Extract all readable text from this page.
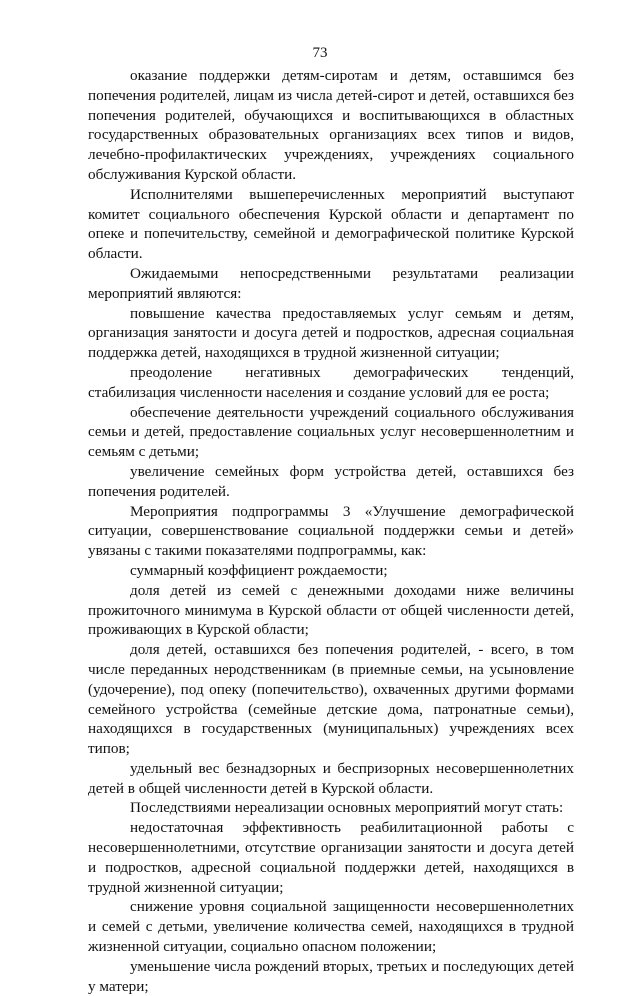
73

оказание поддержки детям-сиротам и детям, оставшимся без попечения родителей, лицам из числа детей-сирот и детей, оставшихся без попечения родителей, обучающихся и воспитывающихся в областных государственных образовательных организациях всех типов и видов, лечебно-профилактических учреждениях, учреждениях социального обслуживания Курской области.

Исполнителями вышеперечисленных мероприятий выступают комитет социального обеспечения Курской области и департамент по опеке и попечительству, семейной и демографической политике Курской области.

Ожидаемыми непосредственными результатами реализации мероприятий являются:

повышение качества предоставляемых услуг семьям и детям, организация занятости и досуга детей и подростков, адресная социальная поддержка детей, находящихся в трудной жизненной ситуации;

преодоление негативных демографических тенденций, стабилизация численности населения и создание условий для ее роста;

обеспечение деятельности учреждений социального обслуживания семьи и детей, предоставление социальных услуг несовершеннолетним и семьям с детьми;

увеличение семейных форм устройства детей, оставшихся без попечения родителей.

Мероприятия подпрограммы 3 «Улучшение демографической ситуации, совершенствование социальной поддержки семьи и детей» увязаны с такими показателями подпрограммы, как:

суммарный коэффициент рождаемости;

доля детей из семей с денежными доходами ниже величины прожиточного минимума в Курской области от общей численности детей, проживающих в Курской области;

доля детей, оставшихся без попечения родителей, - всего, в том числе переданных неродственникам (в приемные семьи, на усыновление (удочерение), под опеку (попечительство), охваченных другими формами семейного устройства (семейные детские дома, патронатные семьи), находящихся в государственных (муниципальных) учреждениях всех типов;

удельный вес безнадзорных и беспризорных несовершеннолетних детей в общей численности детей в Курской области.

Последствиями нереализации основных мероприятий могут стать:

недостаточная эффективность реабилитационной работы с несовершеннолетними, отсутствие организации занятости и досуга детей и подростков, адресной социальной поддержки детей, находящихся в трудной жизненной ситуации;

снижение уровня социальной защищенности несовершеннолетних и семей с детьми, увеличение количества семей, находящихся в трудной жизненной ситуации, социально опасном положении;

уменьшение числа рождений вторых, третьих и последующих детей у матери;
